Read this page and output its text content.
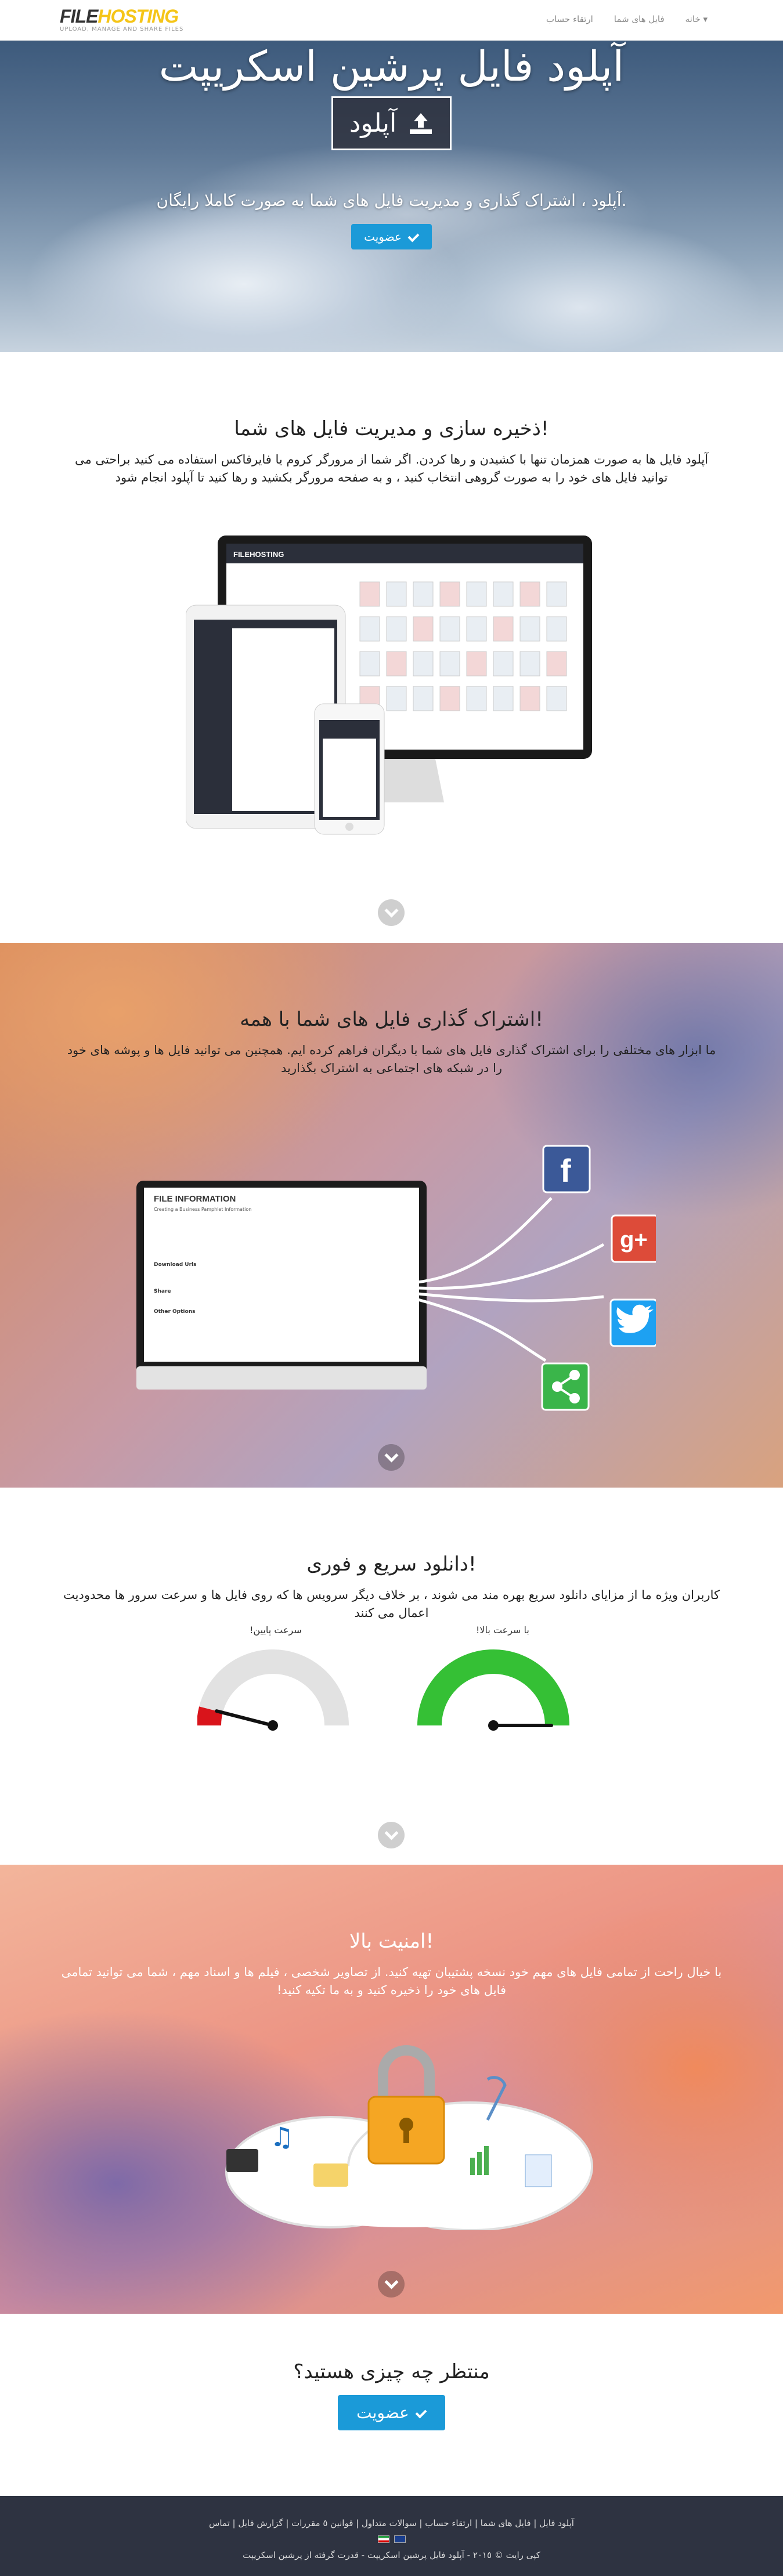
FILEHOSTING
UPLOAD, MANAGE AND SHARE FILES
ارتقاء حساب فایل های شما خانه ▾
آپلود فایل پرشین اسکریپت
آپلود
آپلود ، اشتراک گذاری و مدیریت فایل های شما به صورت کاملا رایگان.
عضویت
ذخیره سازی و مدیریت فایل های شما!

آپلود فایل ها به صورت همزمان تنها با کشیدن و رها کردن. اگر شما از مرورگر کروم یا فایرفاکس استفاده می کنید براحتی می توانید فایل های خود را به صورت گروهی انتخاب کنید ، و به صفحه مرورگر بکشید و رها کنید تا آپلود انجام شود

FILEHOSTING
اشتراک گذاری فایل های شما با همه!

ما ابزار های مختلفی را برای اشتراک گذاری فایل های شما با دیگران فراهم کرده ایم. همچنین می توانید فایل ها و پوشه های خود را در شبکه های اجتماعی به اشتراک بگذارید

FILE INFORMATION
Creating a Business Pamphlet Information
Download Urls
Share
Other Options
f
g+
دانلود سریع و فوری!

کاربران ویژه ما از مزایای دانلود سریع بهره مند می شوند ، بر خلاف دیگر سرویس ها که روی فایل ها و سرعت سرور ها محدودیت اعمال می کنند

سرعت پایین!	با سرعت بالا!
امنیت بالا!

با خیال راحت از تمامی فایل های مهم خود نسخه پشتیبان تهیه کنید. از تصاویر شخصی ، فیلم ها و اسناد مهم ، شما می توانید تمامی فایل های خود را ذخیره کنید و به ما تکیه کنید!

♫
منتظر چه چیزی هستید؟
عضویت
آپلود فایل | فایل های شما | ارتقاء حساب | سوالات متداول | قوانین ٥ مقررات | گزارش فایل | تماس
کپی رایت © ٢٠١٥ - آپلود فایل پرشین اسکریپت - قدرت گرفته از پرشین اسکریپت
